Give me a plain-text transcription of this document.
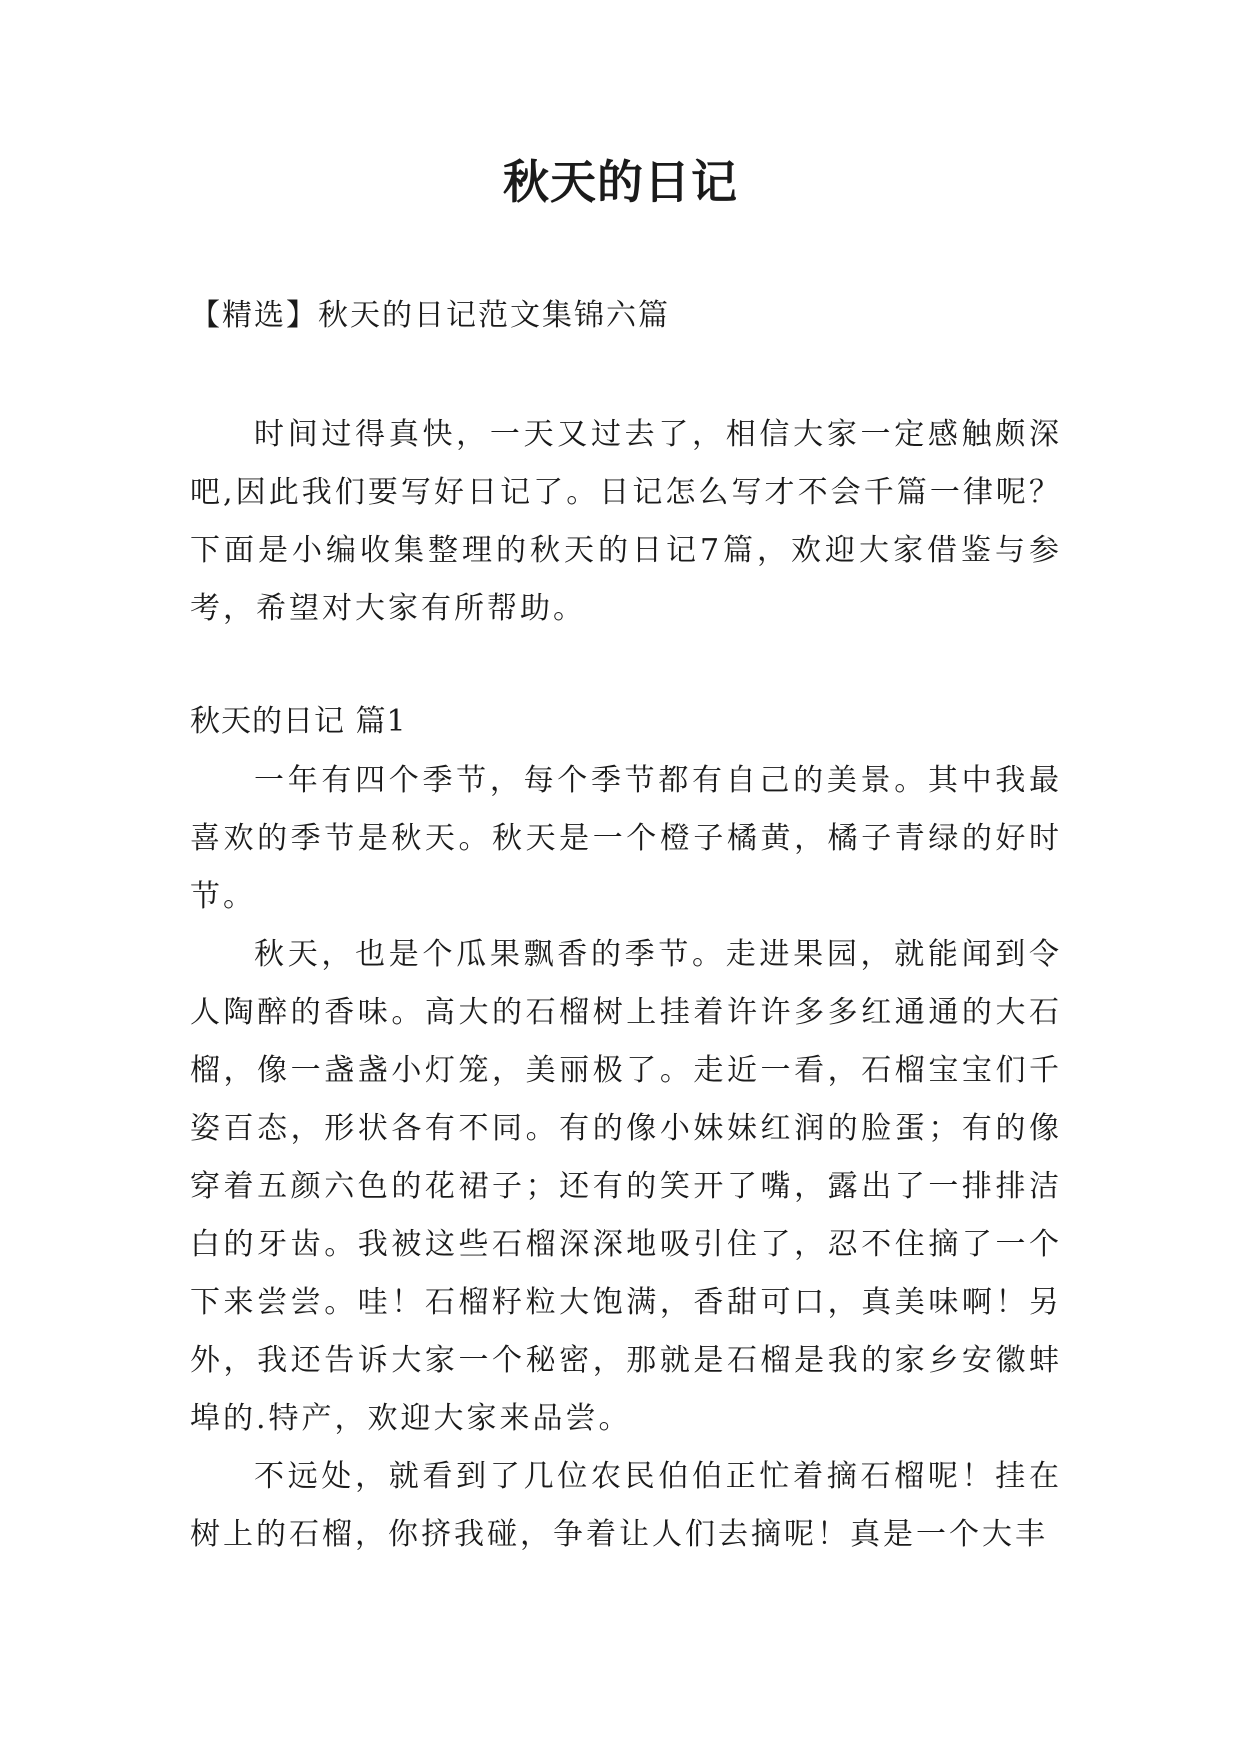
秋天的日记
【精选】秋天的日记范文集锦六篇

时间过得真快，一天又过去了，相信大家一定感触颇深吧,因此我们要写好日记了。日记怎么写才不会千篇一律呢？下面是小编收集整理的秋天的日记7篇，欢迎大家借鉴与参考，希望对大家有所帮助。

秋天的日记 篇1

一年有四个季节，每个季节都有自己的美景。其中我最喜欢的季节是秋天。秋天是一个橙子橘黄，橘子青绿的好时节。

秋天，也是个瓜果飘香的季节。走进果园，就能闻到令人陶醉的香味。高大的石榴树上挂着许许多多红通通的大石榴，像一盏盏小灯笼，美丽极了。走近一看，石榴宝宝们千姿百态，形状各有不同。有的像小妹妹红润的脸蛋；有的像穿着五颜六色的花裙子；还有的笑开了嘴，露出了一排排洁白的牙齿。我被这些石榴深深地吸引住了，忍不住摘了一个下来尝尝。哇！石榴籽粒大饱满，香甜可口，真美味啊！另外，我还告诉大家一个秘密，那就是石榴是我的家乡安徽蚌埠的.特产，欢迎大家来品尝。

不远处，就看到了几位农民伯伯正忙着摘石榴呢！挂在树上的石榴，你挤我碰，争着让人们去摘呢！真是一个大丰
